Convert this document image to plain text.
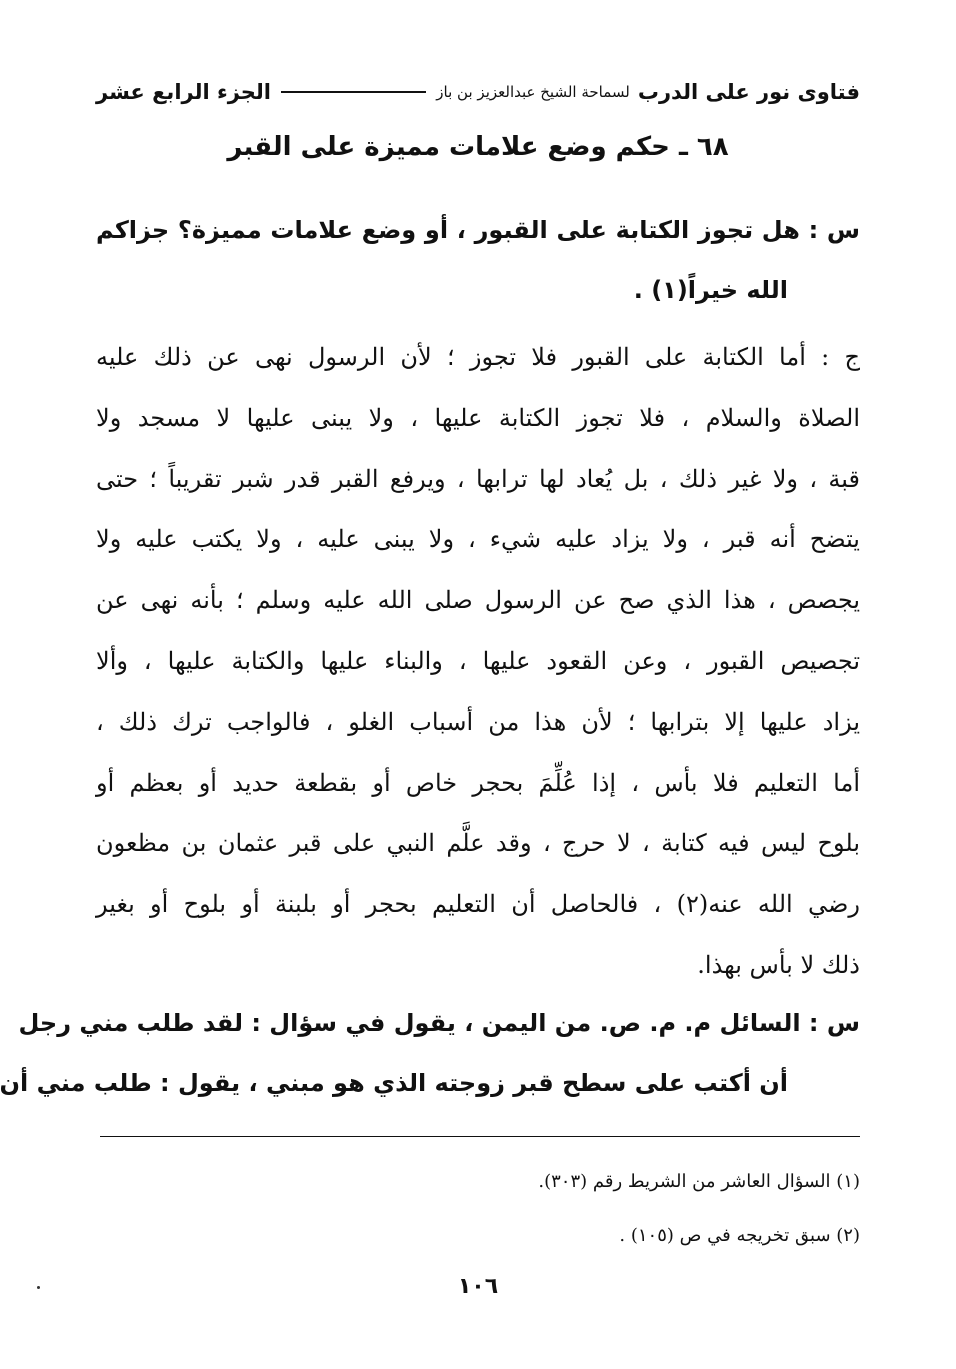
فتاوى نور على الدرب
لسماحة الشيخ عبدالعزيز بن باز
الجزء الرابع عشر
٦٨ ـ حكم وضع علامات مميزة على القبر
س : هل تجوز الكتابة على القبور ، أو وضع علامات مميزة؟ جزاكم
الله خيراً(١) .
ج : أما الكتابة على القبور فلا تجوز ؛ لأن الرسول نهى عن ذلك عليه
الصلاة والسلام ، فلا تجوز الكتابة عليها ، ولا يبنى عليها لا مسجد ولا
قبة ، ولا غير ذلك ، بل يُعاد لها ترابها ، ويرفع القبر قدر شبر تقريباً ؛ حتى
يتضح أنه قبر ، ولا يزاد عليه شيء ، ولا يبنى عليه ، ولا يكتب عليه ولا
يجصص ، هذا الذي صح عن الرسول صلى الله عليه وسلم ؛ بأنه نهى عن
تجصيص القبور ، وعن القعود عليها ، والبناء عليها والكتابة عليها ، وألا
يزاد عليها إلا بترابها ؛ لأن هذا من أسباب الغلو ، فالواجب ترك ذلك ،
أما التعليم فلا بأس ، إذا عُلِّمَ بحجر خاص أو بقطعة حديد أو بعظم أو
بلوح ليس فيه كتابة ، لا حرج ، وقد علَّم النبي على قبر عثمان بن مظعون
رضي الله عنه(٢) ، فالحاصل أن التعليم بحجر أو بلبنة أو بلوح أو بغير
ذلك لا بأس بهذا.
س : السائل م. م. ص. من اليمن ، يقول في سؤال : لقد طلب مني رجل
أن أكتب على سطح قبر زوجته الذي هو مبني ، يقول : طلب مني أن
(١) السؤال العاشر من الشريط رقم (٣٠٣).
(٢) سبق تخريجه في ص (١٠٥) .
١٠٦
